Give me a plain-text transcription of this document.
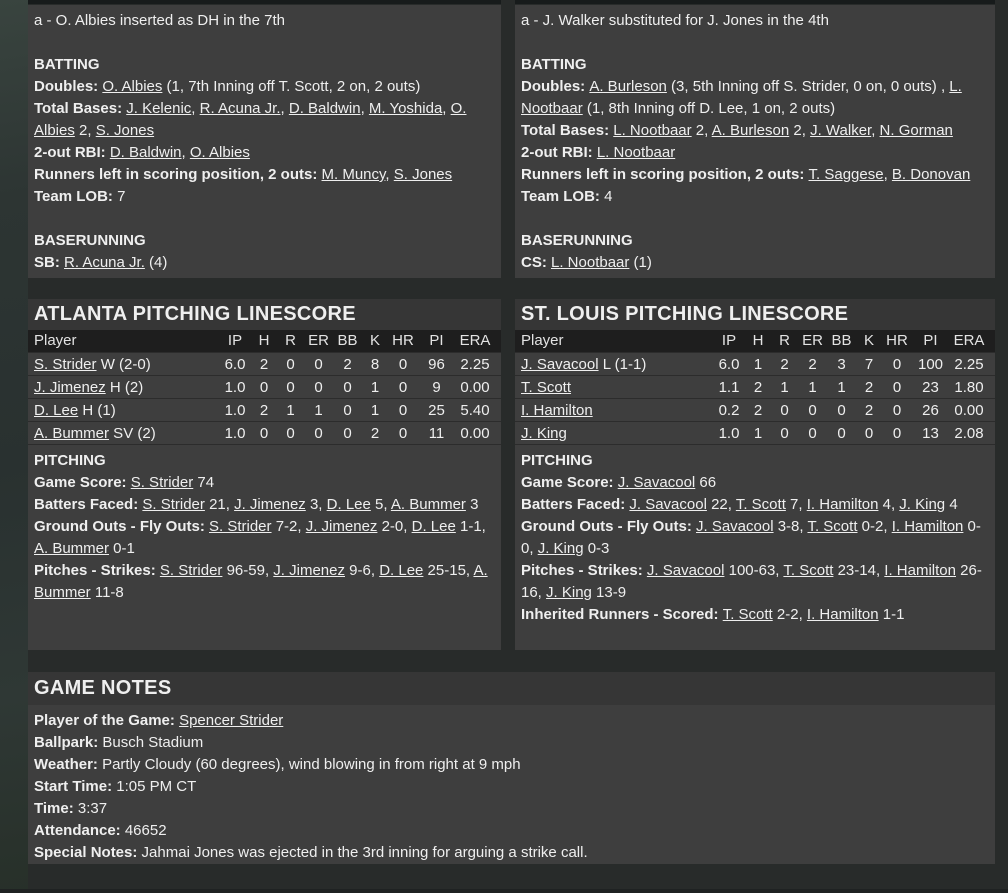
a - O. Albies inserted as DH in the 7th
BATTING
Doubles: O. Albies (1, 7th Inning off T. Scott, 2 on, 2 outs)
Total Bases: J. Kelenic, R. Acuna Jr., D. Baldwin, M. Yoshida, O. Albies 2, S. Jones
2-out RBI: D. Baldwin, O. Albies
Runners left in scoring position, 2 outs: M. Muncy, S. Jones
Team LOB: 7
BASERUNNING
SB: R. Acuna Jr. (4)
a - J. Walker substituted for J. Jones in the 4th
BATTING
Doubles: A. Burleson (3, 5th Inning off S. Strider, 0 on, 0 outs) , L. Nootbaar (1, 8th Inning off D. Lee, 1 on, 2 outs)
Total Bases: L. Nootbaar 2, A. Burleson 2, J. Walker, N. Gorman
2-out RBI: L. Nootbaar
Runners left in scoring position, 2 outs: T. Saggese, B. Donovan
Team LOB: 4
BASERUNNING
CS: L. Nootbaar (1)
ATLANTA PITCHING LINESCORE
Player	IP	H	R ER BB K HR	PI	ERA
S. Strider W (2-0)	6.0 2	0	0	2	8	0	96	2.25
J. Jimenez H (2)	1.0 0	0	0	0	1	0	9	0.00
D. Lee H (1)	1.0 2	1	1	0	1	0	25	5.40
A. Bummer SV (2)	1.0 0	0	0	0	2	0	11	0.00
PITCHING
Game Score: S. Strider 74
Batters Faced: S. Strider 21, J. Jimenez 3, D. Lee 5, A. Bummer 3
Ground Outs - Fly Outs: S. Strider 7-2, J. Jimenez 2-0, D. Lee 1-1, A. Bummer 0-1
Pitches - Strikes: S. Strider 96-59, J. Jimenez 9-6, D. Lee 25-15, A. Bummer 11-8
ST. LOUIS PITCHING LINESCORE
Player	IP	H	R ER BB K HR	PI	ERA
J. Savacool L (1-1)	6.0 1	2	2	3	7	0	100 2.25
T. Scott	1.1 2	1	1	1	2	0	23	1.80
I. Hamilton	0.2 2	0	0	0	2	0	26	0.00
J. King	1.0 1	0	0	0	0	0	13	2.08
PITCHING
Game Score: J. Savacool 66
Batters Faced: J. Savacool 22, T. Scott 7, I. Hamilton 4, J. King 4
Ground Outs - Fly Outs: J. Savacool 3-8, T. Scott 0-2, I. Hamilton 0-0, J. King 0-3
Pitches - Strikes: J. Savacool 100-63, T. Scott 23-14, I. Hamilton 26-16, J. King 13-9
Inherited Runners - Scored: T. Scott 2-2, I. Hamilton 1-1
GAME NOTES
Player of the Game: Spencer Strider
Ballpark: Busch Stadium
Weather: Partly Cloudy (60 degrees), wind blowing in from right at 9 mph
Start Time: 1:05 PM CT
Time: 3:37
Attendance: 46652
Special Notes: Jahmai Jones was ejected in the 3rd inning for arguing a strike call.
